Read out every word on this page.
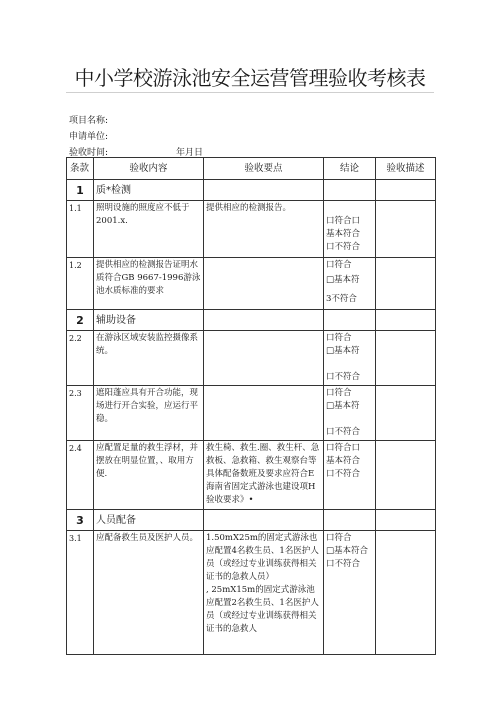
中小学校游泳池安全运营管理验收考核表
项目名称:
申请单位:
验收时间:	年月日
条款	验收内容	验收要点	结论	验收描述
1	质*检测			
1.1	照明设施的照度应不低于2001.x.	提供相应的检测报告。	口符合口
基本符合
口不符合	

1.2	提供相应的检测报告证明水质符合GB 9667-1996游泳池水质标准的要求		口符合
□基本符
3不符合	

2	辅助设备			
2.2	在游泳区域安装监控摄像系统。		口符合
□基本符
口不符合	

2.3	遮阳蓬应具有开合功能，现场进行开合实验，应运行平稳。		口符合
□基本符
口不符合	

2.4	应配置足量的救生浮材，并摆放在明显位置，、取用方便.	救生椅、救生.圈、救生杆、急救板、急救箱、救生观察台等具体配备数班及要求应符合E海南省固定式游泳也建设项H验收要求》•	口符合口
基本符合
口不符合	

3	人员配备			
3.1	应配备救生员及医护人员。	1.50mX25m的固定式游泳也应配置4名救生员、1名医护人员（或经过专业训练获得相关证书的急救人员）
, 25mX15m的固定式游泳池应配置2名救生员、1名医护人员（或经过专业训练获得相关证书的急救人	口符合
□基本符合
口不符合	
